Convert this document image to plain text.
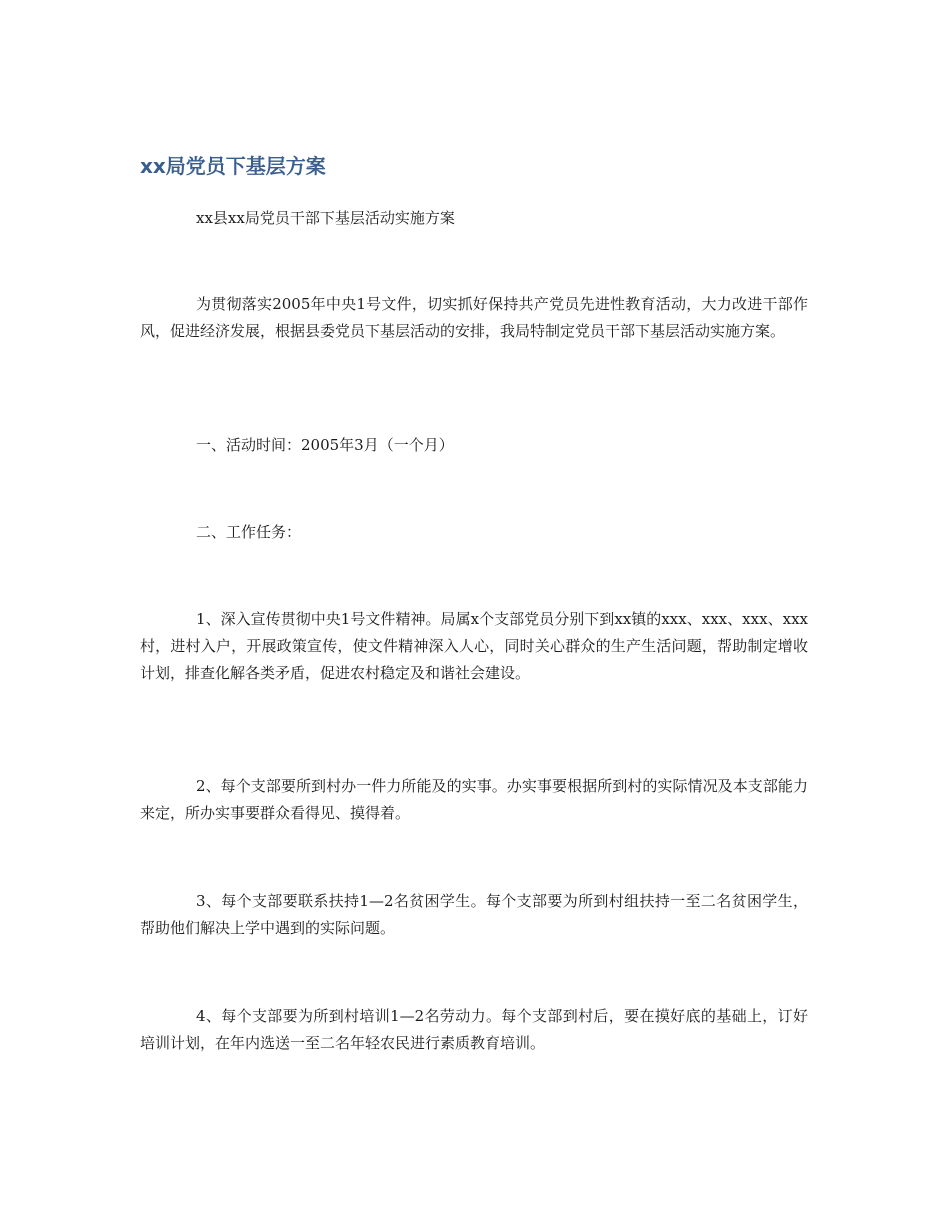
xx局党员下基层方案

xx县xx局党员干部下基层活动实施方案

为贯彻落实2005年中央1号文件，切实抓好保持共产党员先进性教育活动，大力改进干部作风，促进经济发展，根据县委党员下基层活动的安排，我局特制定党员干部下基层活动实施方案。

一、活动时间：2005年3月（一个月）

二、工作任务：

1、深入宣传贯彻中央1号文件精神。局属x个支部党员分别下到xx镇的xxx、xxx、xxx、xxx村，进村入户，开展政策宣传，使文件精神深入人心，同时关心群众的生产生活问题，帮助制定增收计划，排查化解各类矛盾，促进农村稳定及和谐社会建设。

2、每个支部要所到村办一件力所能及的实事。办实事要根据所到村的实际情况及本支部能力来定，所办实事要群众看得见、摸得着。

3、每个支部要联系扶持1—2名贫困学生。每个支部要为所到村组扶持一至二名贫困学生，帮助他们解决上学中遇到的实际问题。

4、每个支部要为所到村培训1—2名劳动力。每个支部到村后，要在摸好底的基础上，订好培训计划，在年内选送一至二名年轻农民进行素质教育培训。
